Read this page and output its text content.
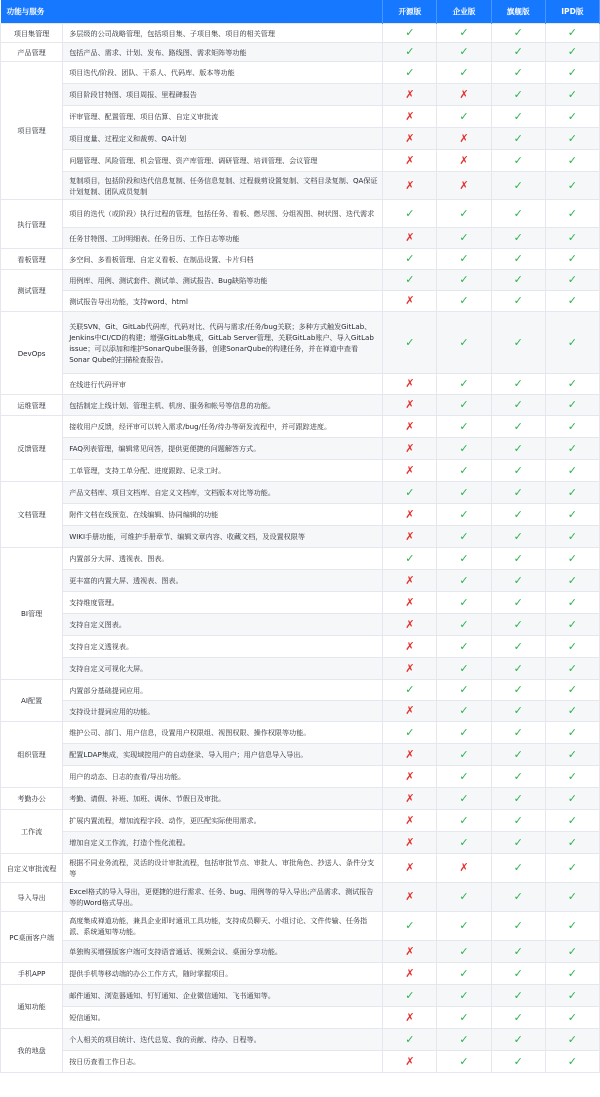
功能与服务		开源版	企业版	旗舰版	IPD版
项目集管理	多层级的公司战略管理，包括项目集、子项目集、项目的相关管理	✓	✓	✓	✓
产品管理	包括产品、需求、计划、发布、路线图、需求矩阵等功能	✓	✓	✓	✓
项目管理	项目迭代/阶段、团队、干系人、代码库、版本等功能	✓	✓	✓	✓
	项目阶段甘特图、项目周报、里程碑报告	✗	✗	✓	✓
	评审管理、配置管理、项目估算、自定义审批流	✗	✓	✓	✓
	项目度量、过程定义和裁剪、QA计划	✗	✗	✓	✓
	问题管理、风险管理、机会管理、资产库管理、调研管理、培训管理、会议管理	✗	✗	✓	✓
	复制项目，包括阶段和迭代信息复制、任务信息复制、过程裁剪设置复制、文档目录复制、QA保证计划复制、团队成员复制	✗	✗	✓	✓
执行管理	项目的迭代（或阶段）执行过程的管理，包括任务、看板、燃尽图、分组视图、树状图、迭代需求	✓	✓	✓	✓
	任务甘特图、工时明细表、任务日历、工作日志等功能	✗	✓	✓	✓
看板管理	多空间、多看板管理、自定义看板、在制品设置、卡片归档	✓	✓	✓	✓
测试管理	用例库、用例、测试套件、测试单、测试报告、Bug缺陷等功能	✓	✓	✓	✓
	测试报告导出功能，支持word、html	✗	✓	✓	✓
DevOps	关联SVN、Git、GitLab代码库，代码对比、代码与需求/任务/bug关联；多种方式触发GitLab、Jenkins中CI/CD的构建；增强GitLab集成，GitLab Server管理、关联GitLab账户、导入GitLab issue；可以添加和维护SonarQube服务器，创建SonarQube的构建任务，并在禅道中查看Sonar Qube的扫描检查报告。	✓	✓	✓	✓
	在线进行代码评审	✗	✓	✓	✓
运维管理	包括制定上线计划、管理主机、机房、服务和帐号等信息的功能。	✗	✓	✓	✓
反馈管理	接收用户反馈，经评审可以转入需求/bug/任务/待办等研发流程中，并可跟踪进度。	✗	✓	✓	✓
	FAQ列表管理，编辑常见问答，提供更便捷的问题解答方式。	✗	✓	✓	✓
	工单管理，支持工单分配、进度跟踪、记录工时。	✗	✓	✓	✓
文档管理	产品文档库、项目文档库、自定义文档库，文档版本对比等功能。	✓	✓	✓	✓
	附件文档在线预览、在线编辑、协同编辑的功能	✗	✓	✓	✓
	WIKI手册功能，可维护手册章节、编辑文章内容、收藏文档，及设置权限等	✗	✓	✓	✓
BI管理	内置部分大屏、透视表、图表。	✓	✓	✓	✓
	更丰富的内置大屏、透视表、图表。	✗	✓	✓	✓
	支持维度管理。	✗	✓	✓	✓
	支持自定义图表。	✗	✓	✓	✓
	支持自定义透视表。	✗	✓	✓	✓
	支持自定义可视化大屏。	✗	✓	✓	✓
AI配置	内置部分基础提词应用。	✓	✓	✓	✓
	支持设计提词应用的功能。	✗	✓	✓	✓
组织管理	维护公司、部门、用户信息，设置用户权限组、视图权限、操作权限等功能。	✓	✓	✓	✓
	配置LDAP集成，实现域控用户的自动登录、导入用户；用户信息导入导出。	✗	✓	✓	✓
	用户的动态、日志的查看/导出功能。	✗	✓	✓	✓
考勤办公	考勤、请假、补班、加班、调休、节假日及审批。	✗	✓	✓	✓
工作流	扩展内置流程，增加流程字段、动作，更匹配实际使用需求。	✗	✓	✓	✓
	增加自定义工作流，打造个性化流程。	✗	✓	✓	✓
自定义审批流程	根据不同业务流程，灵活的设计审批流程，包括审批节点、审批人、审批角色、抄送人、条件分支等	✗	✗	✓	✓
导入导出	Excel格式的导入导出，更便捷的进行需求、任务、bug、用例等的导入导出;产品需求、测试报告等的Word格式导出。	✗	✓	✓	✓
PC桌面客户端	高度集成禅道功能，兼具企业即时通讯工具功能，支持成员聊天、小组讨论、文件传输、任务指派、系统通知等功能。	✓	✓	✓	✓
	单独购买增强版客户端可支持语音通话、视频会议、桌面分享功能。	✗	✓	✓	✓
手机APP	提供手机等移动端的办公工作方式，随时掌握项目。	✗	✓	✓	✓
通知功能	邮件通知、浏览器通知、钉钉通知、企业微信通知、飞书通知等。	✓	✓	✓	✓
	短信通知。	✗	✓	✓	✓
我的地盘	个人相关的项目统计、迭代总览、我的贡献、待办、日程等。	✓	✓	✓	✓
	按日历查看工作日志。	✗	✓	✓	✓
